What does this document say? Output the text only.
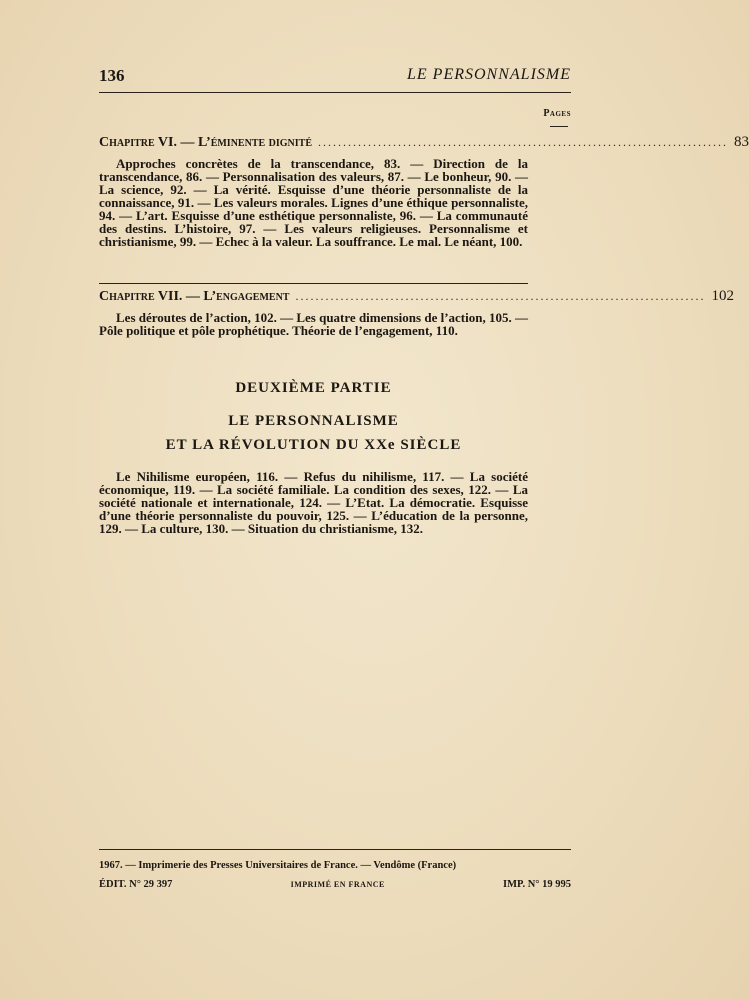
136	LE PERSONNALISME
Pages
Chapitre VI. — L’éminente dignité .................................................................................. 83

Approches concrètes de la transcendance, 83. — Direction de la transcendance, 86. — Personnalisation des valeurs, 87. — Le bonheur, 90. — La science, 92. — La vérité. Esquisse d’une théorie personnaliste de la connaissance, 91. — Les valeurs morales. Lignes d’une éthique personnaliste, 94. — L’art. Esquisse d’une esthétique personnaliste, 96. — La communauté des destins. L’histoire, 97. — Les valeurs religieuses. Personnalisme et christianisme, 99. — Echec à la valeur. La souffrance. Le mal. Le néant, 100.

Chapitre VII. — L’engagement .................................................................................. 102

Les déroutes de l’action, 102. — Les quatre dimensions de l’action, 105. — Pôle politique et pôle prophétique. Théorie de l’engagement, 110.

DEUXIÈME PARTIE

LE PERSONNALISME

ET LA RÉVOLUTION DU XXe SIÈCLE

Le Nihilisme européen, 116. — Refus du nihilisme, 117. — La société économique, 119. — La société familiale. La condition des sexes, 122. — La société nationale et internationale, 124. — L’Etat. La démocratie. Esquisse d’une théorie personnaliste du pouvoir, 125. — L’éducation de la personne, 129. — La culture, 130. — Situation du christianisme, 132.

1967. — Imprimerie des Presses Universitaires de France. — Vendôme (France)
ÉDIT. N° 29 397	IMPRIMÉ EN FRANCE	IMP. N° 19 995
